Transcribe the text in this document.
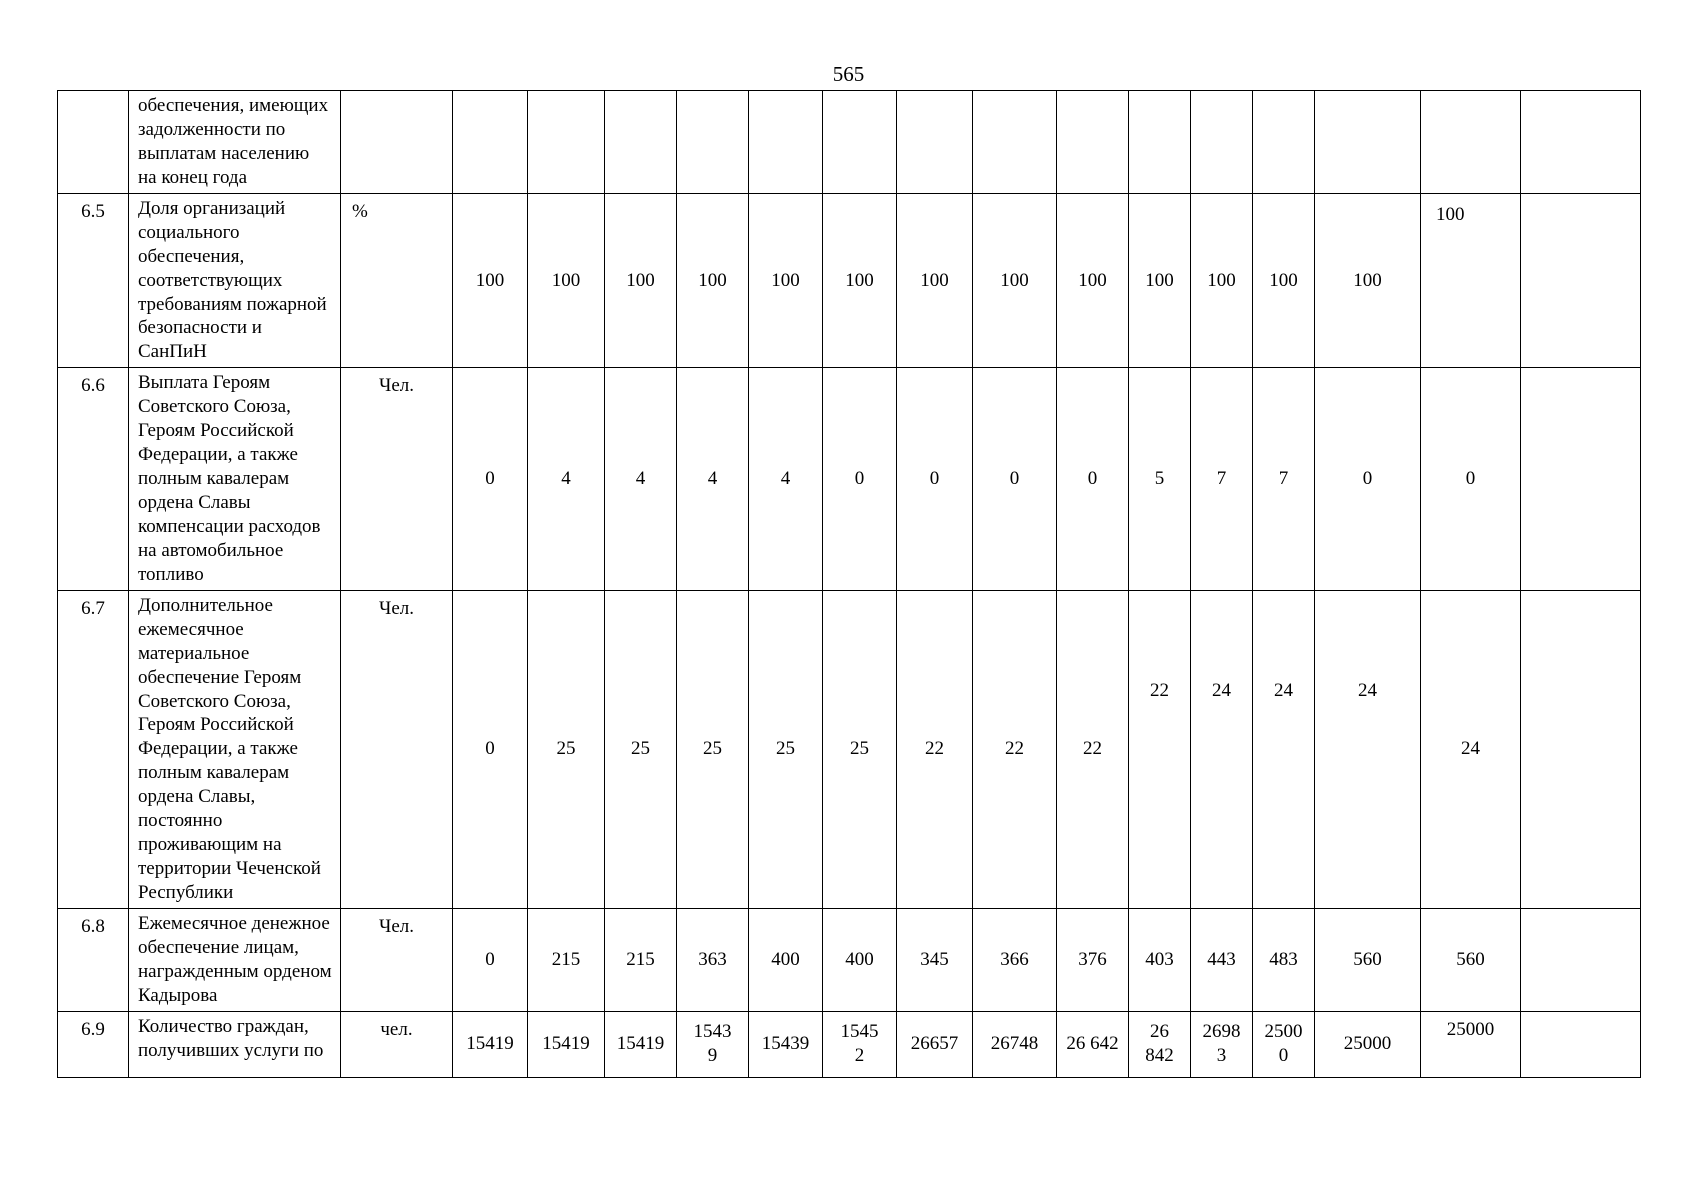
565
	обеспечения, имеющих задолженности по выплатам населению на конец года																
6.5	Доля организаций социального обеспечения, соответствующих требованиям пожарной безопасности и СанПиН	%	100	100	100	100	100	100	100	100	100	100	100	100	100	100	
6.6	Выплата Героям Советского Союза, Героям Российской Федерации, а также полным кавалерам ордена Славы компенсации расходов на автомобильное топливо	Чел.	0	4	4	4	4	0	0	0	0	5	7	7	0	0	
6.7	Дополнительное ежемесячное материальное обеспечение Героям Советского Союза, Героям Российской Федерации, а также полным кавалерам ордена Славы, постоянно проживающим на территории Чеченской Республики	Чел.	0	25	25	25	25	25	22	22	22	22	24	24	24	24	
6.8	Ежемесячное денежное обеспечение лицам, награжденным орденом Кадырова	Чел.	0	215	215	363	400	400	345	366	376	403	443	483	560	560	
6.9	Количество граждан, получивших услуги по	чел.	15419	15419	15419	15439	15439	15452	26657	26748	26 642	26 842	26983	25000	25000	25000	
